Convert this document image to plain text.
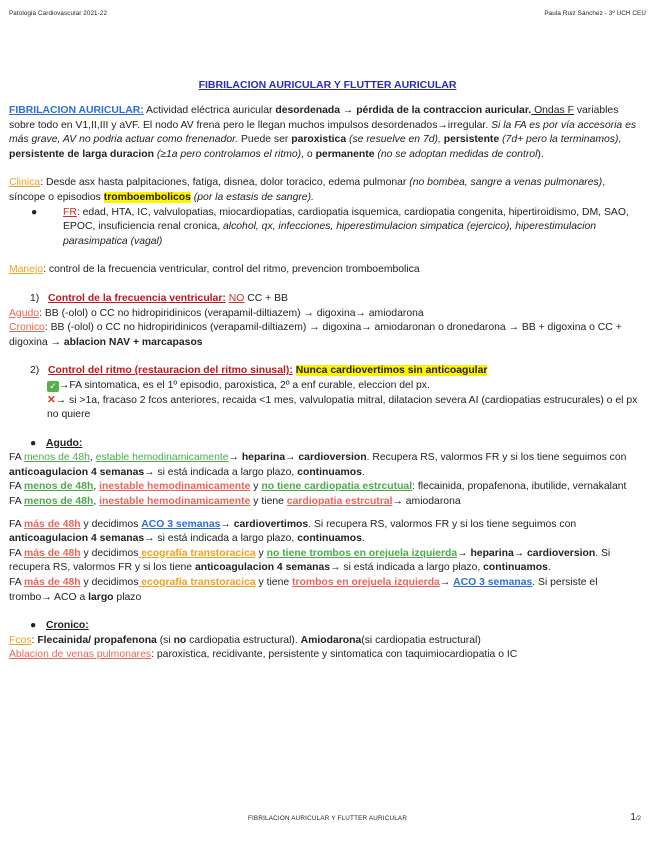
Patologia Cardiovascular 2021-22	Paula Ruiz Sánchez - 3º UCH CEU
FIBRILACION AURICULAR Y FLUTTER AURICULAR

FIBRILACION AURICULAR: Actividad eléctrica auricular desordenada → pérdida de la contraccion auricular. Ondas F variables sobre todo en V1,II,III y aVF. El nodo AV frena pero le llegan muchos impulsos desordenados→irregular. Si la FA es por vía accesoria es más grave, AV no podria actuar como frenenador. Puede ser paroxistica (se resuelve en 7d), persistente (7d+ pero la terminamos), persistente de larga duracion (≥1a pero controlamos el ritmo), o permanente (no se adoptan medidas de control).

Clinica: Desde asx hasta palpitaciones, fatiga, disnea, dolor toracico, edema pulmonar (no bombea, sangre a venas pulmonares), síncope o episodios tromboembolicos (por la estasis de sangre).

● FR: edad, HTA, IC, valvulopatias, miocardiopatias, cardiopatia isquemica, cardiopatia congenita, hipertiroidismo, DM, SAO, EPOC, insuficiencia renal cronica, alcohol, qx, infecciones, hiperestimulacion simpatica (ejercico), hiperestimulacion parasimpatica (vagal)

Manejo: control de la frecuencia ventricular, control del ritmo, prevencion tromboembolica

1) Control de la frecuencia ventricular: NO CC + BB

Agudo: BB (-olol) o CC no hidropiridinicos (verapamil-diltiazem) → digoxina→ amiodarona

Cronico: BB (-olol) o CC no hidropiridinicos (verapamil-diltiazem) → digoxina→ amiodaronan o dronedarona → BB + digoxina o CC + digoxina → ablacion NAV + marcapasos

2) Control del ritmo (restauracion del ritmo sinusal): Nunca cardiovertimos sin anticoagular

✓ →FA sintomatica, es el 1º episodio, paroxistica, 2º a enf curable, eleccion del px.

✕→ si >1a, fracaso 2 fcos anteriores, recaida <1 mes, valvulopatia mitral, dilatacion severa AI (cardiopatias estrucurales) o el px no quiere

● Agudo:

FA menos de 48h, estable hemodinamicamente→ heparina→ cardioversion. Recupera RS, valormos FR y si los tiene seguimos con anticoagulacion 4 semanas→ si está indicada a largo plazo, continuamos.

FA menos de 48h, inestable hemodinamicamente y no tiene cardiopatia estrcutual: flecainida, propafenona, ibutilide, vernakalant

FA menos de 48h, inestable hemodinamicamente y tiene cardiopatia estrcutral→ amiodarona

FA más de 48h y decidimos ACO 3 semanas→ cardiovertimos. Si recupera RS, valormos FR y si los tiene seguimos con anticoagulacion 4 semanas→ si está indicada a largo plazo, continuamos.

FA más de 48h y decidimos ecografía transtoracica y no tiene trombos en orejuela izquierda→ heparina→ cardioversion. Si recupera RS, valormos FR y si los tiene anticoagulacion 4 semanas→ si está indicada a largo plazo, continuamos.

FA más de 48h y decidimos ecografía transtoracica y tiene trombos en orejuela izquierda→ ACO 3 semanas. Si persiste el trombo→ ACO a largo plazo

● Cronico:

Fcos: Flecainida/ propafenona (si no cardiopatia estructural). Amiodarona(si cardiopatia estructural)

Ablacion de venas pulmonares: paroxistica, recidivante, persistente y sintomatica con taquimiocardiopatia o IC

FIBRILACION AURICULAR Y FLUTTER AURICULAR	1/2
